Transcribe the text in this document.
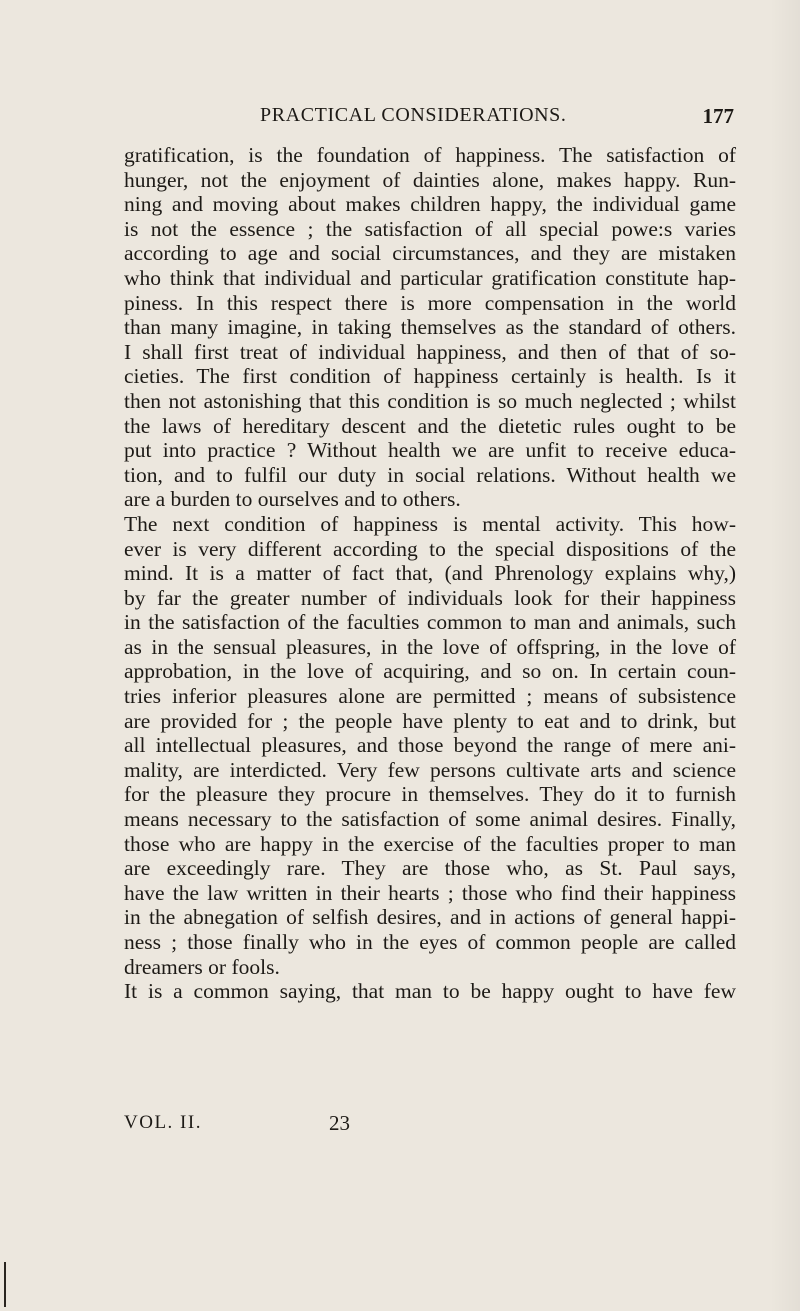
PRACTICAL CONSIDERATIONS.	177
gratification, is the foundation of happiness. The satisfaction of
hunger, not the enjoyment of dainties alone, makes happy. Run-
ning and moving about makes children happy, the individual game
is not the essence ; the satisfaction of all special powe:s varies
according to age and social circumstances, and they are mistaken
who think that individual and particular gratification constitute hap-
piness. In this respect there is more compensation in the world
than many imagine, in taking themselves as the standard of others.
I shall first treat of individual happiness, and then of that of so-
cieties. The first condition of happiness certainly is health. Is it
then not astonishing that this condition is so much neglected ; whilst
the laws of hereditary descent and the dietetic rules ought to be
put into practice ? Without health we are unfit to receive educa-
tion, and to fulfil our duty in social relations. Without health we
are a burden to ourselves and to others.
The next condition of happiness is mental activity. This how-
ever is very different according to the special dispositions of the
mind. It is a matter of fact that, (and Phrenology explains why,)
by far the greater number of individuals look for their happiness
in the satisfaction of the faculties common to man and animals, such
as in the sensual pleasures, in the love of offspring, in the love of
approbation, in the love of acquiring, and so on. In certain coun-
tries inferior pleasures alone are permitted ; means of subsistence
are provided for ; the people have plenty to eat and to drink, but
all intellectual pleasures, and those beyond the range of mere ani-
mality, are interdicted. Very few persons cultivate arts and science
for the pleasure they procure in themselves. They do it to furnish
means necessary to the satisfaction of some animal desires. Finally,
those who are happy in the exercise of the faculties proper to man
are exceedingly rare. They are those who, as St. Paul says,
have the law written in their hearts ; those who find their happiness
in the abnegation of selfish desires, and in actions of general happi-
ness ; those finally who in the eyes of common people are called
dreamers or fools.
It is a common saying, that man to be happy ought to have few
VOL. II.	23
